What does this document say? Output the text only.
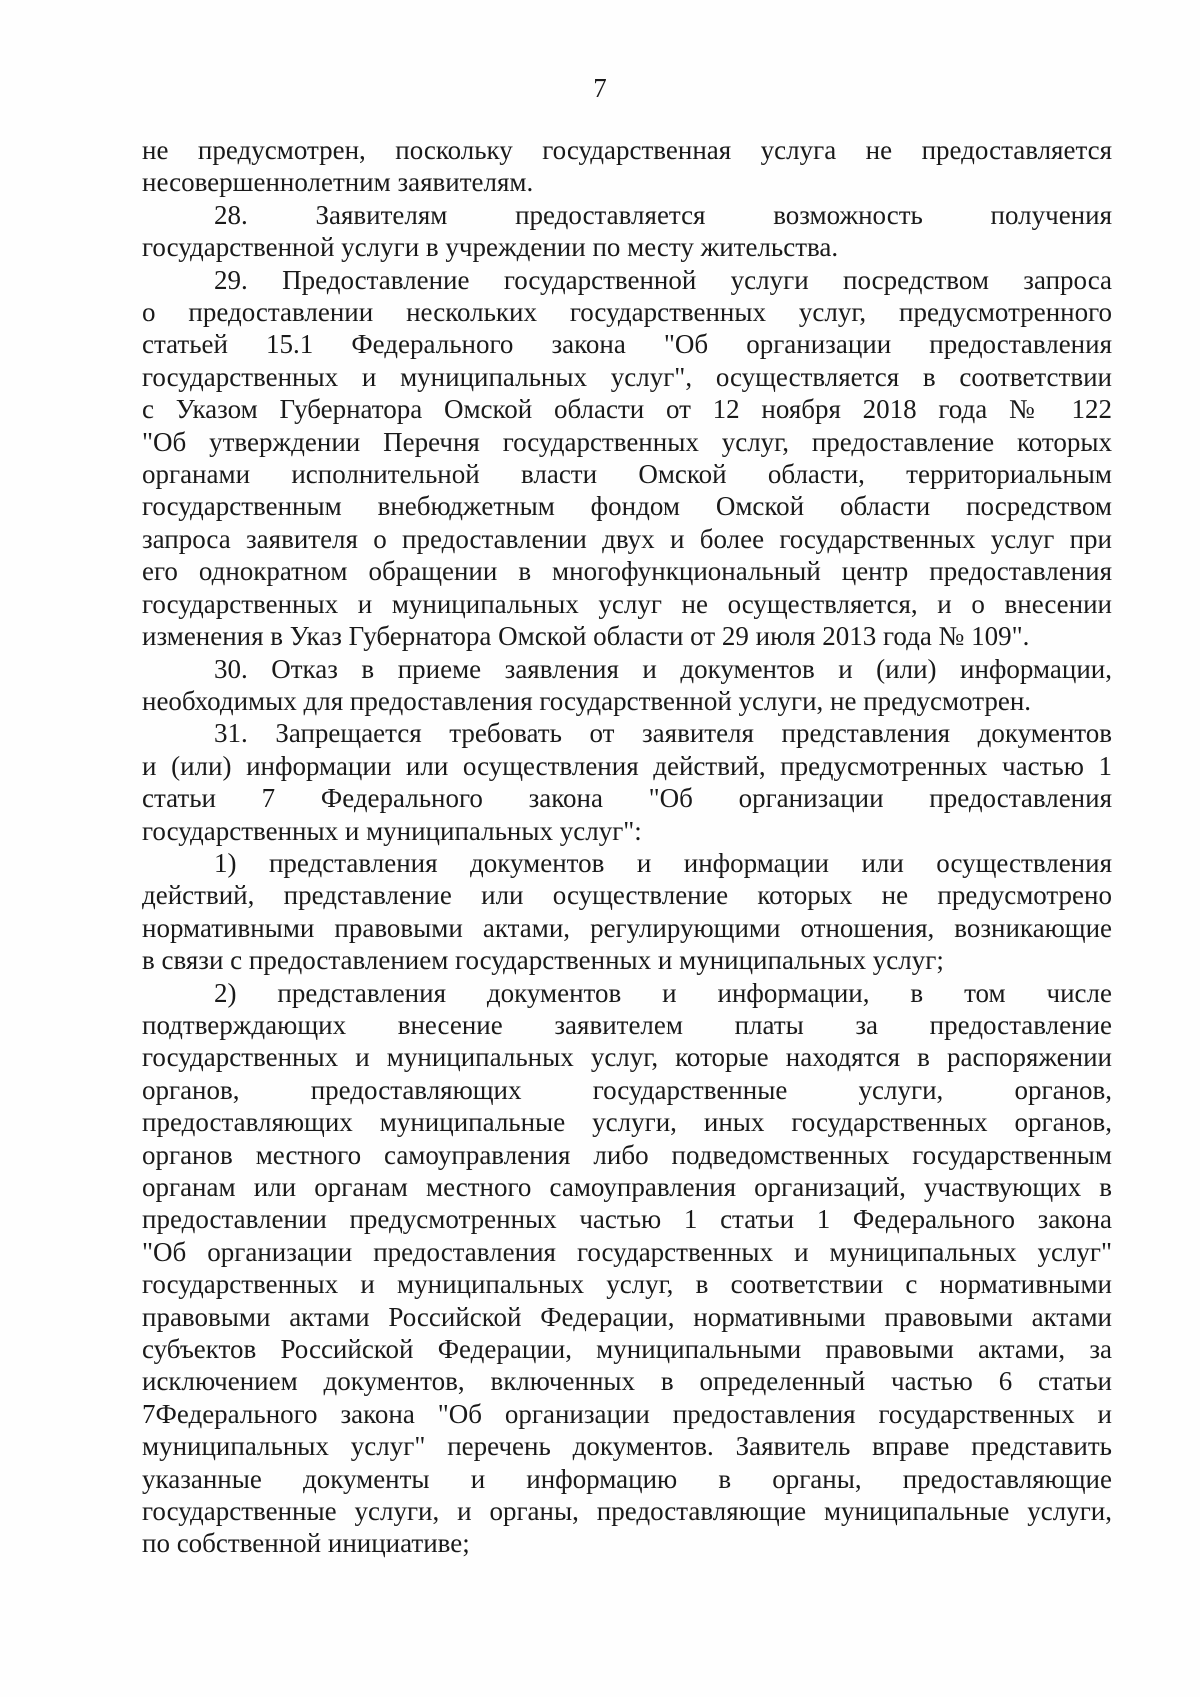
7
не предусмотрен, поскольку государственная услуга не предоставляется
несовершеннолетним заявителям.
28. Заявителям предоставляется возможность получения
государственной услуги в учреждении по месту жительства.
29. Предоставление государственной услуги посредством запроса
о предоставлении нескольких государственных услуг, предусмотренного
статьей 15.1 Федерального закона "Об организации предоставления
государственных и муниципальных услуг", осуществляется в соответствии
с Указом Губернатора Омской области от 12 ноября 2018 года № 122
"Об утверждении Перечня государственных услуг, предоставление которых
органами исполнительной власти Омской области, территориальным
государственным внебюджетным фондом Омской области посредством
запроса заявителя о предоставлении двух и более государственных услуг при
его однократном обращении в многофункциональный центр предоставления
государственных и муниципальных услуг не осуществляется, и о внесении
изменения в Указ Губернатора Омской области от 29 июля 2013 года № 109".
30. Отказ в приеме заявления и документов и (или) информации,
необходимых для предоставления государственной услуги, не предусмотрен.
31. Запрещается требовать от заявителя представления документов
и (или) информации или осуществления действий, предусмотренных частью 1
статьи 7 Федерального закона "Об организации предоставления
государственных и муниципальных услуг":
1) представления документов и информации или осуществления
действий, представление или осуществление которых не предусмотрено
нормативными правовыми актами, регулирующими отношения, возникающие
в связи с предоставлением государственных и муниципальных услуг;
2) представления документов и информации, в том числе
подтверждающих внесение заявителем платы за предоставление
государственных и муниципальных услуг, которые находятся в распоряжении
органов, предоставляющих государственные услуги, органов,
предоставляющих муниципальные услуги, иных государственных органов,
органов местного самоуправления либо подведомственных государственным
органам или органам местного самоуправления организаций, участвующих в
предоставлении предусмотренных частью 1 статьи 1 Федерального закона
"Об организации предоставления государственных и муниципальных услуг"
государственных и муниципальных услуг, в соответствии с нормативными
правовыми актами Российской Федерации, нормативными правовыми актами
субъектов Российской Федерации, муниципальными правовыми актами, за
исключением документов, включенных в определенный частью 6 статьи
7Федерального закона "Об организации предоставления государственных и
муниципальных услуг" перечень документов. Заявитель вправе представить
указанные документы и информацию в органы, предоставляющие
государственные услуги, и органы, предоставляющие муниципальные услуги,
по собственной инициативе;
